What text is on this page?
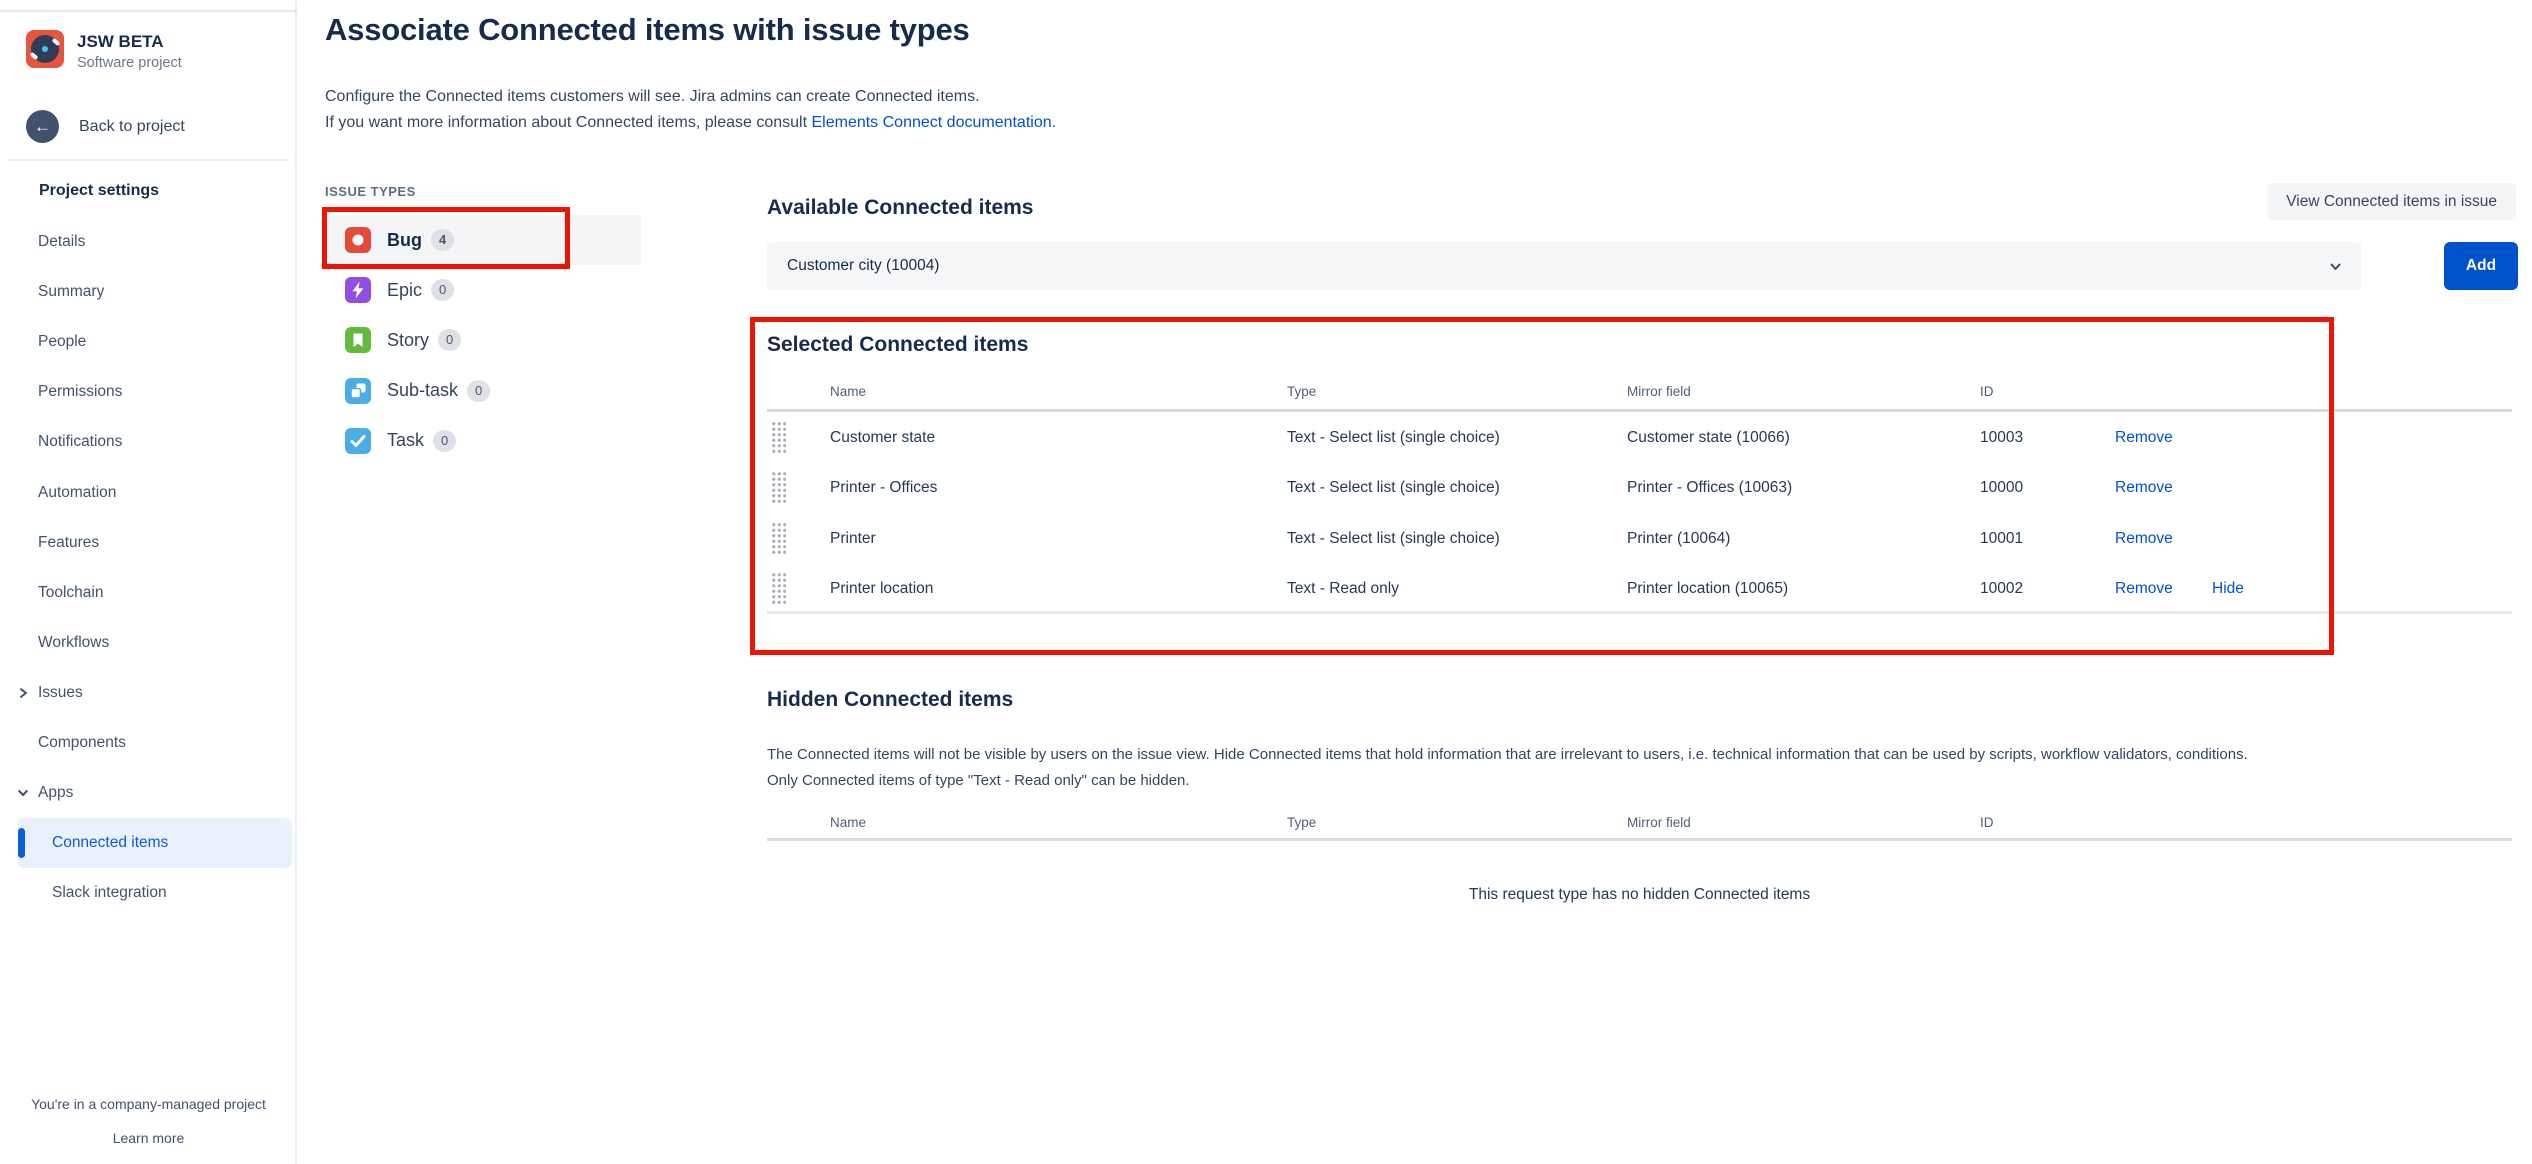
JSW BETA
Software project
← Back to project
Project settings
Details
Summary
People
Permissions
Notifications
Automation
Features
Toolchain
Workflows
Issues
Components
Apps
Connected items
Slack integration
You're in a company-managed project
Learn more
Associate Connected items with issue types
Configure the Connected items customers will see. Jira admins can create Connected items.
If you want more information about Connected items, please consult Elements Connect documentation.
ISSUE TYPES
Bug	4
Epic	0
Story	0
Sub-task	0
Task	0
View Connected items in issue
Available Connected items
Customer city (10004)	Add
Selected Connected items
Name	Type	Mirror field	ID
Customer state	Text - Select list (single choice)	Customer state (10066)	10003	Remove
Printer - Offices	Text - Select list (single choice)	Printer - Offices (10063)	10000	Remove
Printer	Text - Select list (single choice)	Printer (10064)	10001	Remove
Printer location	Text - Read only	Printer location (10065)	10002	Remove	Hide
Hidden Connected items
The Connected items will not be visible by users on the issue view. Hide Connected items that hold information that are irrelevant to users, i.e. technical information that can be used by scripts, workflow validators, conditions.
Only Connected items of type "Text - Read only" can be hidden.
Name	Type	Mirror field	ID
This request type has no hidden Connected items
